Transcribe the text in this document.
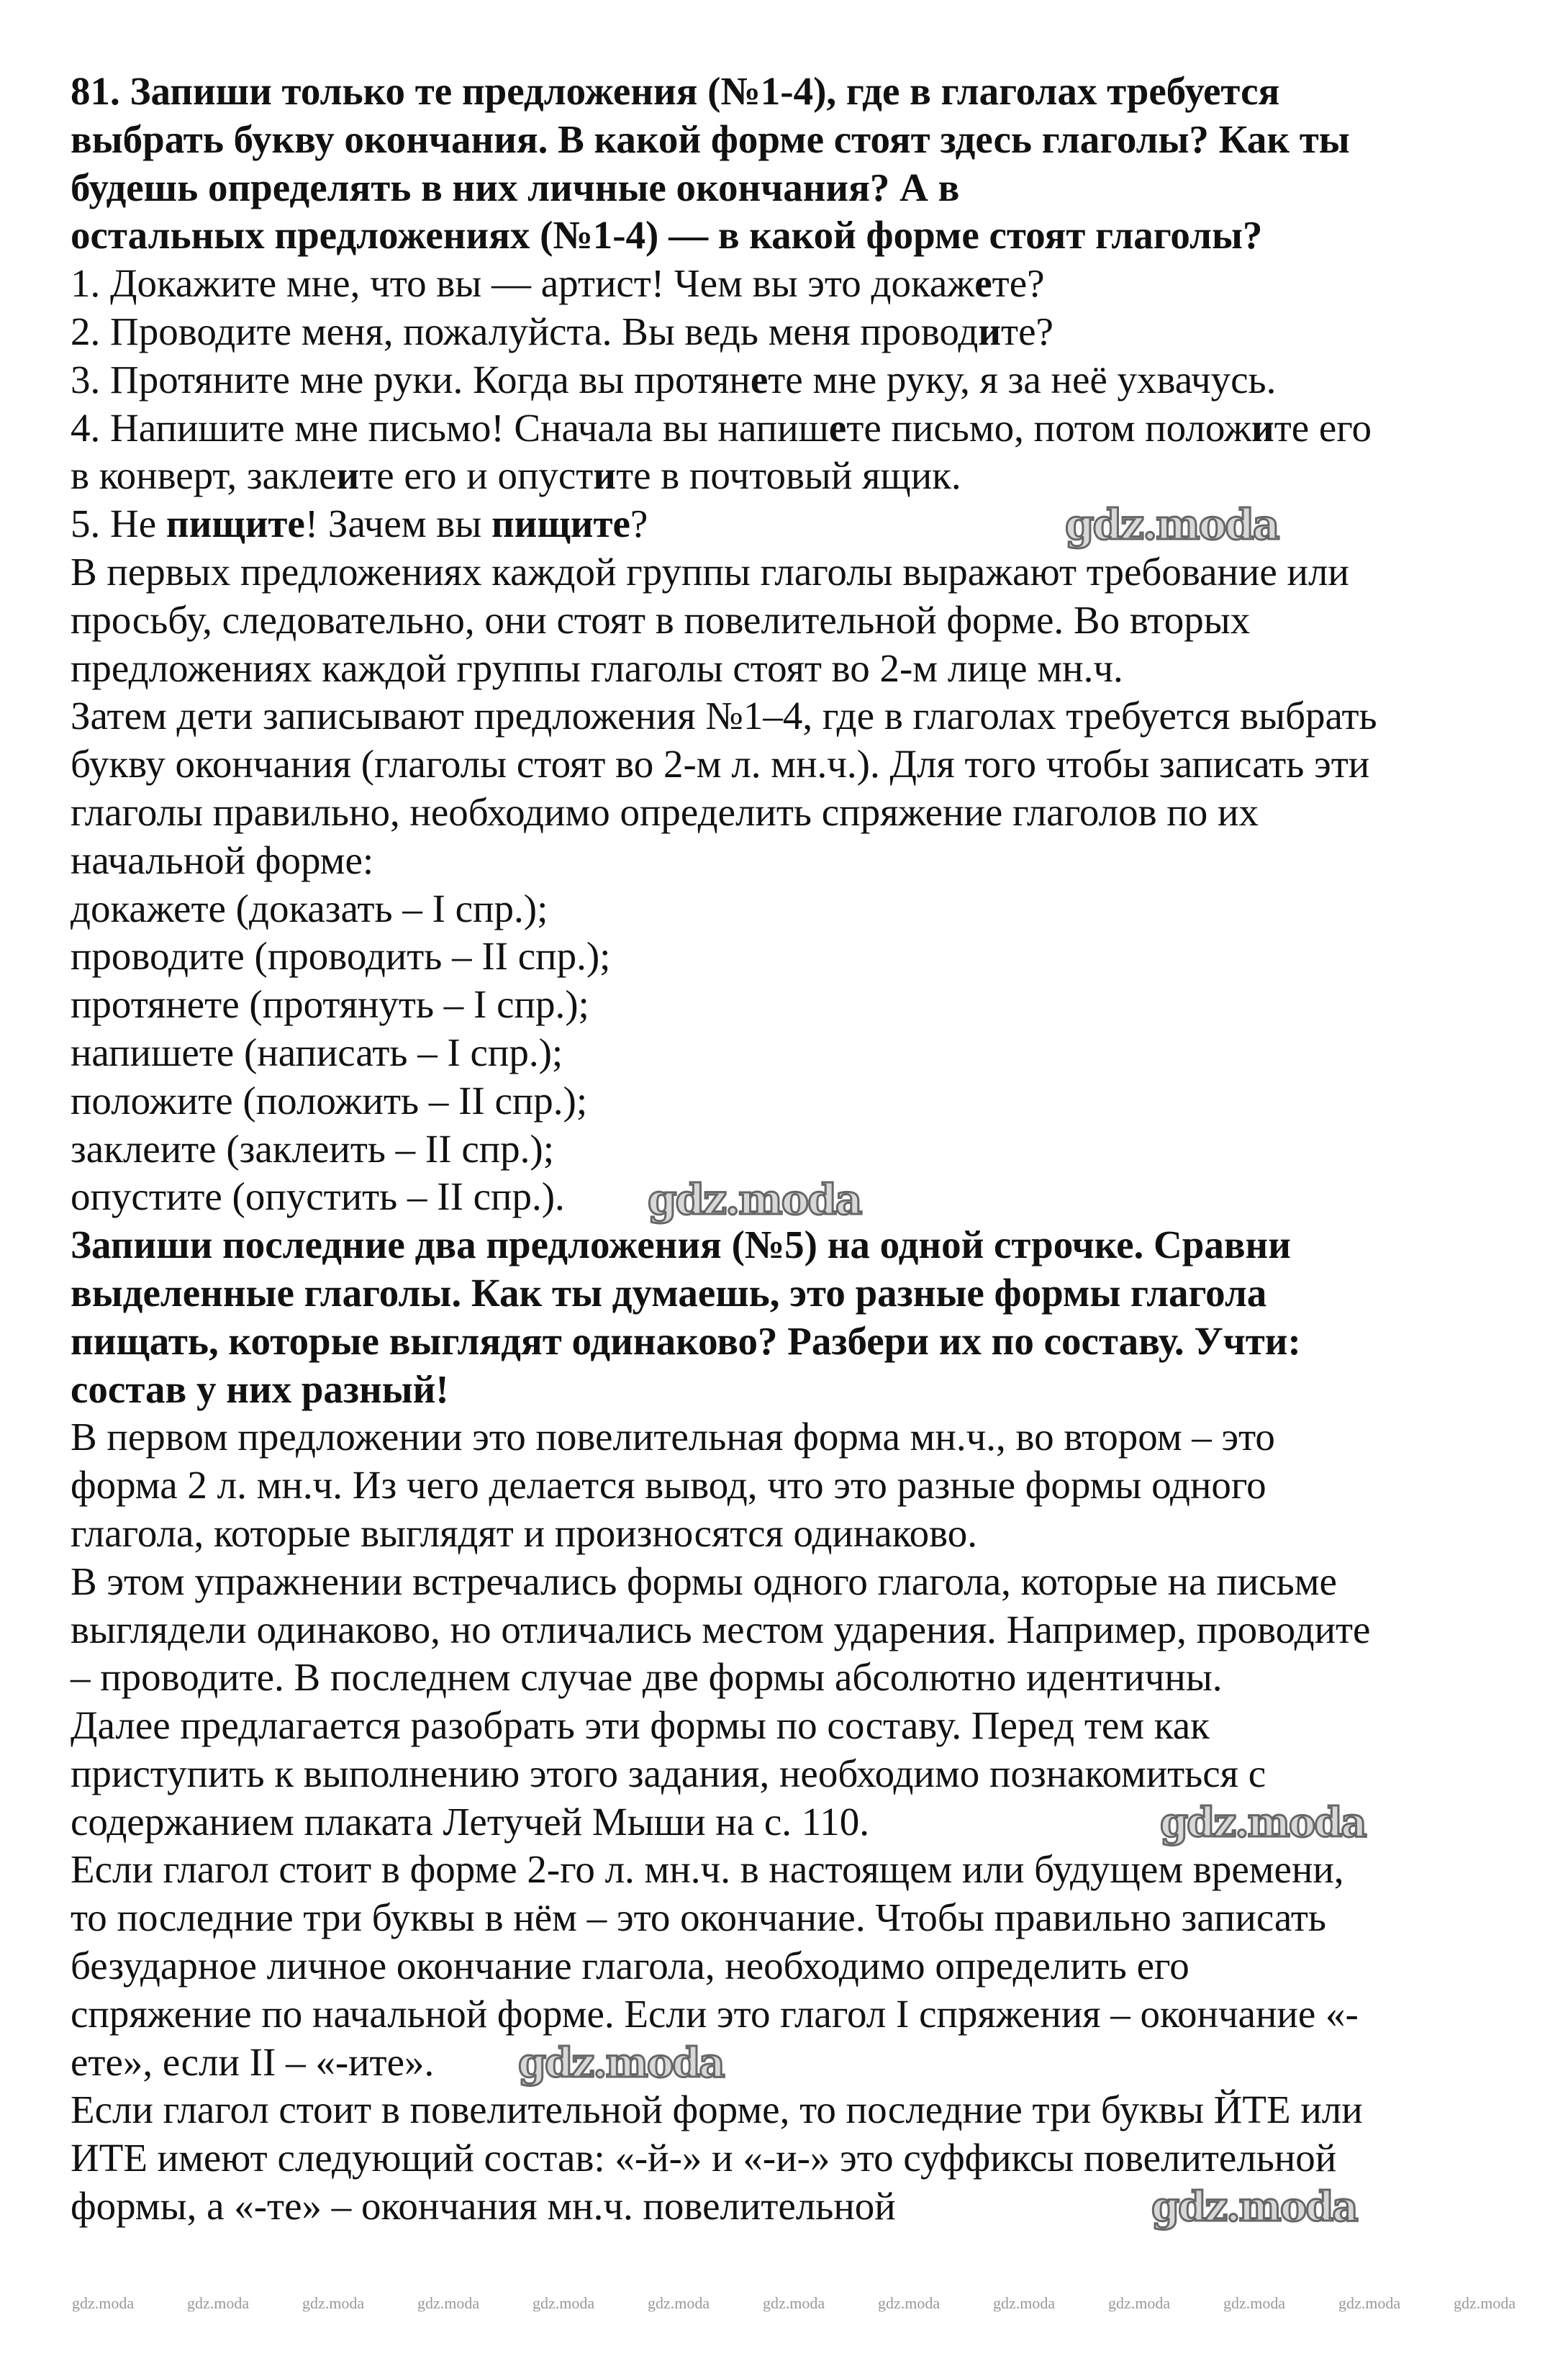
81. Запиши только те предложения (№1-4), где в глаголах требуется
выбрать букву окончания. В какой форме стоят здесь глаголы? Как ты
будешь определять в них личные окончания? А в
остальных предложениях (№1-4) — в какой форме стоят глаголы?
1. Докажите мне, что вы — артист! Чем вы это докажете?
2. Проводите меня, пожалуйста. Вы ведь меня проводите?
3. Протяните мне руки. Когда вы протянете мне руку, я за неё ухвачусь.
4. Напишите мне письмо! Сначала вы напишете письмо, потом положите его
в конверт, заклеите его и опустите в почтовый ящик.
5. Не пищите! Зачем вы пищите?
В первых предложениях каждой группы глаголы выражают требование или
просьбу, следовательно, они стоят в повелительной форме. Во вторых
предложениях каждой группы глаголы стоят во 2-м лице мн.ч.
Затем дети записывают предложения №1–4, где в глаголах требуется выбрать
букву окончания (глаголы стоят во 2-м л. мн.ч.). Для того чтобы записать эти
глаголы правильно, необходимо определить спряжение глаголов по их
начальной форме:
докажете (доказать – I спр.);
проводите (проводить – II спр.);
протянете (протянуть – I спр.);
напишете (написать – I спр.);
положите (положить – II спр.);
заклеите (заклеить – II спр.);
опустите (опустить – II спр.).
Запиши последние два предложения (№5) на одной строчке. Сравни
выделенные глаголы. Как ты думаешь, это разные формы глагола
пищать, которые выглядят одинаково? Разбери их по составу. Учти:
состав у них разный!
В первом предложении это повелительная форма мн.ч., во втором – это
форма 2 л. мн.ч. Из чего делается вывод, что это разные формы одного
глагола, которые выглядят и произносятся одинаково.
В этом упражнении встречались формы одного глагола, которые на письме
выглядели одинаково, но отличались местом ударения. Например, проводите
– проводите. В последнем случае две формы абсолютно идентичны.
Далее предлагается разобрать эти формы по составу. Перед тем как
приступить к выполнению этого задания, необходимо познакомиться с
содержанием плаката Летучей Мыши на с. 110.
Если глагол стоит в форме 2-го л. мн.ч. в настоящем или будущем времени,
то последние три буквы в нём – это окончание. Чтобы правильно записать
безударное личное окончание глагола, необходимо определить его
спряжение по начальной форме. Если это глагол I спряжения – окончание «-
ете», если II – «-ите».
Если глагол стоит в повелительной форме, то последние три буквы ЙТЕ или
ИТЕ имеют следующий состав: «-й-» и «-и-» это суффиксы повелительной
формы, а «-те» – окончания мн.ч. повелительной
gdz.moda
gdz.moda
gdz.moda
gdz.moda
gdz.moda
gdz.moda	gdz.moda	gdz.moda	gdz.moda	gdz.moda	gdz.moda	gdz.moda	gdz.moda	gdz.moda	gdz.moda	gdz.moda	gdz.moda	gdz.moda
